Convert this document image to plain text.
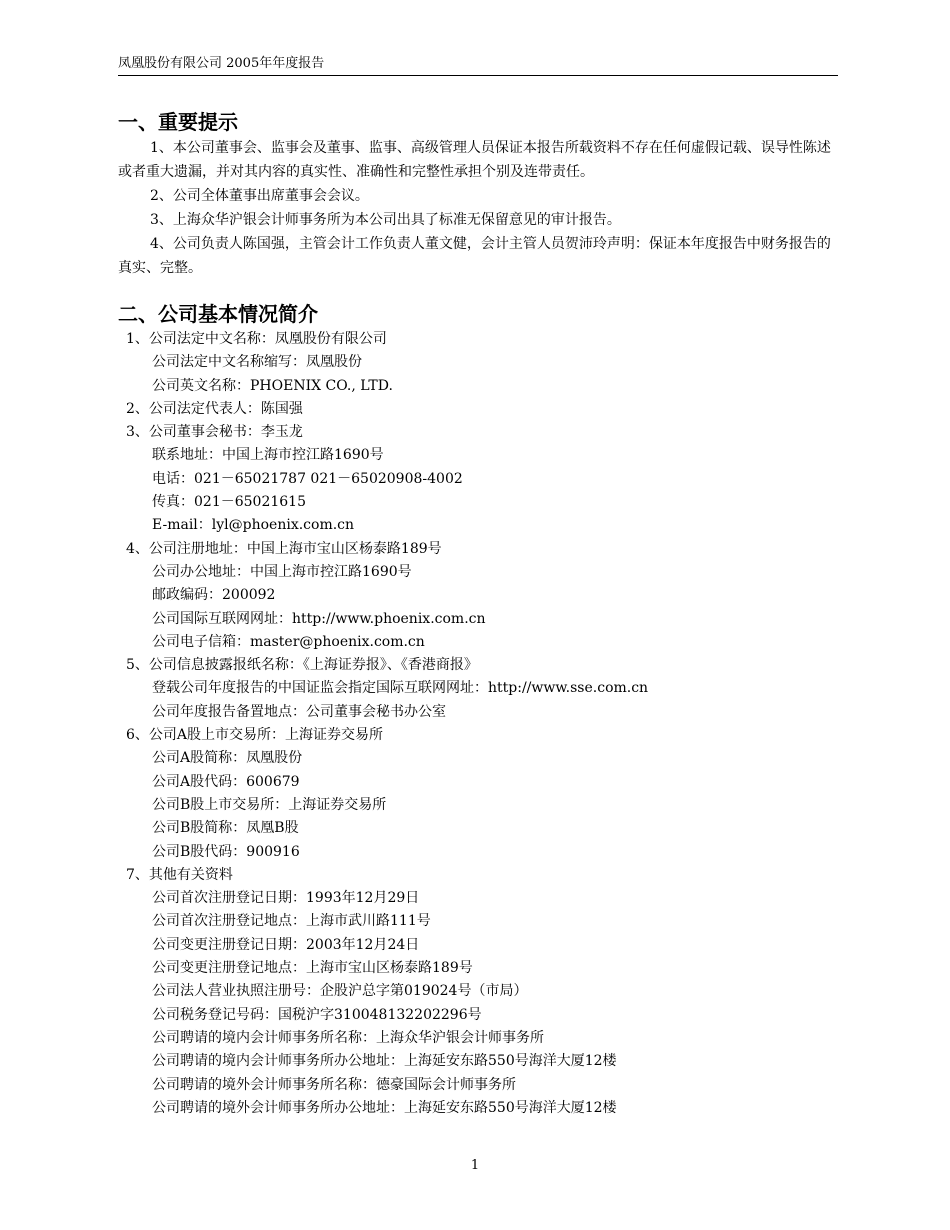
凤凰股份有限公司 2005年年度报告
一、重要提示

1、本公司董事会、监事会及董事、监事、高级管理人员保证本报告所载资料不存在任何虚假记载、误导性陈述或者重大遗漏，并对其内容的真实性、准确性和完整性承担个别及连带责任。

2、公司全体董事出席董事会会议。

3、上海众华沪银会计师事务所为本公司出具了标准无保留意见的审计报告。

4、公司负责人陈国强，主管会计工作负责人董文健，会计主管人员贺沛玲声明：保证本年度报告中财务报告的真实、完整。

二、公司基本情况简介
1、公司法定中文名称：凤凰股份有限公司
公司法定中文名称缩写：凤凰股份
公司英文名称：PHOENIX CO., LTD.
2、公司法定代表人：陈国强
3、公司董事会秘书：李玉龙
联系地址：中国上海市控江路1690号
电话：021－65021787 021－65020908-4002
传真：021－65021615
E-mail：lyl@phoenix.com.cn
4、公司注册地址：中国上海市宝山区杨泰路189号
公司办公地址：中国上海市控江路1690号
邮政编码：200092
公司国际互联网网址：http://www.phoenix.com.cn
公司电子信箱：master@phoenix.com.cn
5、公司信息披露报纸名称：《上海证券报》、《香港商报》
登载公司年度报告的中国证监会指定国际互联网网址：http://www.sse.com.cn
公司年度报告备置地点：公司董事会秘书办公室
6、公司A股上市交易所：上海证券交易所
公司A股简称：凤凰股份
公司A股代码：600679
公司B股上市交易所：上海证券交易所
公司B股简称：凤凰B股
公司B股代码：900916
7、其他有关资料
公司首次注册登记日期：1993年12月29日
公司首次注册登记地点：上海市武川路111号
公司变更注册登记日期：2003年12月24日
公司变更注册登记地点：上海市宝山区杨泰路189号
公司法人营业执照注册号：企股沪总字第019024号（市局）
公司税务登记号码：国税沪字310048132202296号
公司聘请的境内会计师事务所名称：上海众华沪银会计师事务所
公司聘请的境内会计师事务所办公地址：上海延安东路550号海洋大厦12楼
公司聘请的境外会计师事务所名称：德豪国际会计师事务所
公司聘请的境外会计师事务所办公地址：上海延安东路550号海洋大厦12楼
1
